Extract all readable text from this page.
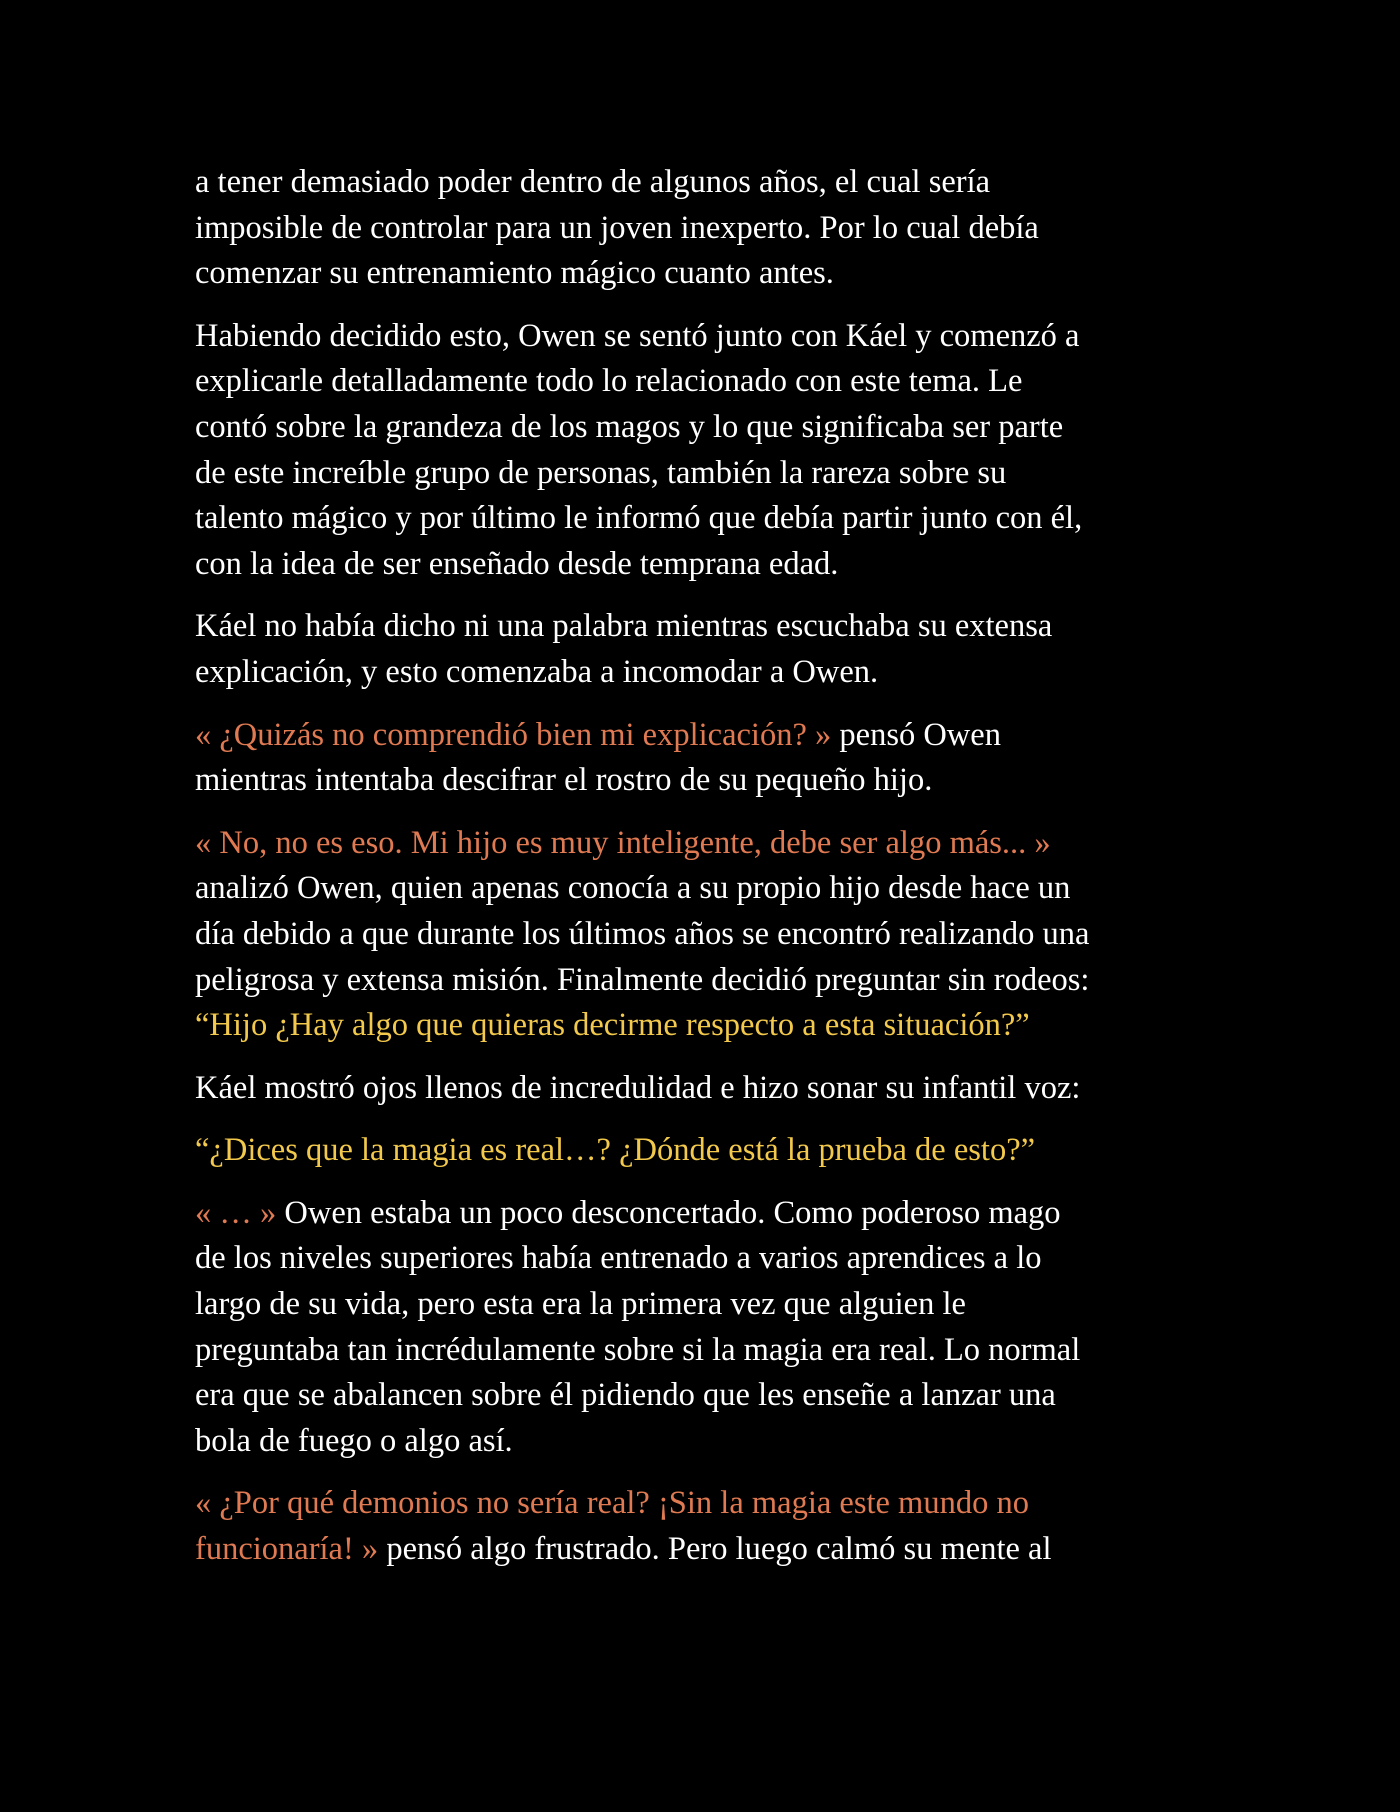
a tener demasiado poder dentro de algunos años, el cual sería
imposible de controlar para un joven inexperto. Por lo cual debía
comenzar su entrenamiento mágico cuanto antes.
Habiendo decidido esto, Owen se sentó junto con Káel y comenzó a
explicarle detalladamente todo lo relacionado con este tema. Le
contó sobre la grandeza de los magos y lo que significaba ser parte
de este increíble grupo de personas, también la rareza sobre su
talento mágico y por último le informó que debía partir junto con él,
con la idea de ser enseñado desde temprana edad.
Káel no había dicho ni una palabra mientras escuchaba su extensa
explicación, y esto comenzaba a incomodar a Owen.
« ¿Quizás no comprendió bien mi explicación? » pensó Owen
mientras intentaba descifrar el rostro de su pequeño hijo.
« No, no es eso. Mi hijo es muy inteligente, debe ser algo más... »
analizó Owen, quien apenas conocía a su propio hijo desde hace un
día debido a que durante los últimos años se encontró realizando una
peligrosa y extensa misión. Finalmente decidió preguntar sin rodeos:
“Hijo ¿Hay algo que quieras decirme respecto a esta situación?”
Káel mostró ojos llenos de incredulidad e hizo sonar su infantil voz:
“¿Dices que la magia es real…? ¿Dónde está la prueba de esto?”
« … » Owen estaba un poco desconcertado. Como poderoso mago
de los niveles superiores había entrenado a varios aprendices a lo
largo de su vida, pero esta era la primera vez que alguien le
preguntaba tan incrédulamente sobre si la magia era real. Lo normal
era que se abalancen sobre él pidiendo que les enseñe a lanzar una
bola de fuego o algo así.
« ¿Por qué demonios no sería real? ¡Sin la magia este mundo no
funcionaría! » pensó algo frustrado. Pero luego calmó su mente al
